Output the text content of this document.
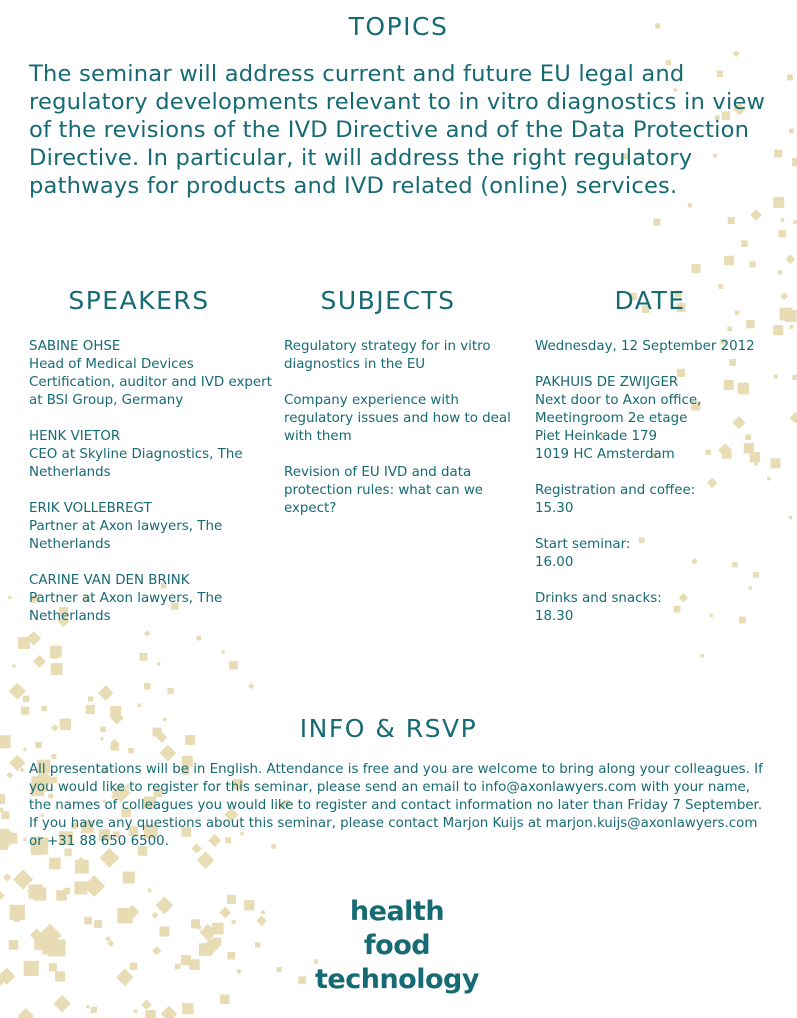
TOPICS

The seminar will address current and future EU legal and regulatory developments relevant to in vitro diagnostics in view of the revisions of the IVD Directive and of the Data Protection Directive. In particular, it will address the right regulatory pathways for products and IVD related (online) services.

SPEAKERS	SUBJECTS	DATE

SABINE OHSE
Head of Medical Devices Certification, auditor and IVD expert at BSI Group, Germany

HENK VIETOR
CEO at Skyline Diagnostics, The Netherlands

ERIK VOLLEBREGT
Partner at Axon lawyers, The Netherlands

CARINE VAN DEN BRINK
Partner at Axon lawyers, The Netherlands

Regulatory strategy for in vitro diagnostics in the EU

Company experience with regulatory issues and how to deal with them

Revision of EU IVD and data protection rules: what can we expect?

Wednesday, 12 September 2012

PAKHUIS DE ZWIJGER
Next door to Axon office,
Meetingroom 2e etage
Piet Heinkade 179
1019 HC Amsterdam

Registration and coffee:
15.30

Start seminar:
16.00

Drinks and snacks:
18.30

INFO & RSVP

All presentations will be in English. Attendance is free and you are welcome to bring along your colleagues. If you would like to register for this seminar, please send an email to info@axonlawyers.com with your name, the names of colleagues you would like to register and contact information no later than Friday 7 September. If you have any questions about this seminar, please contact Marjon Kuijs at marjon.kuijs@axonlawyers.com or +31 88 650 6500.

health
food
technology
